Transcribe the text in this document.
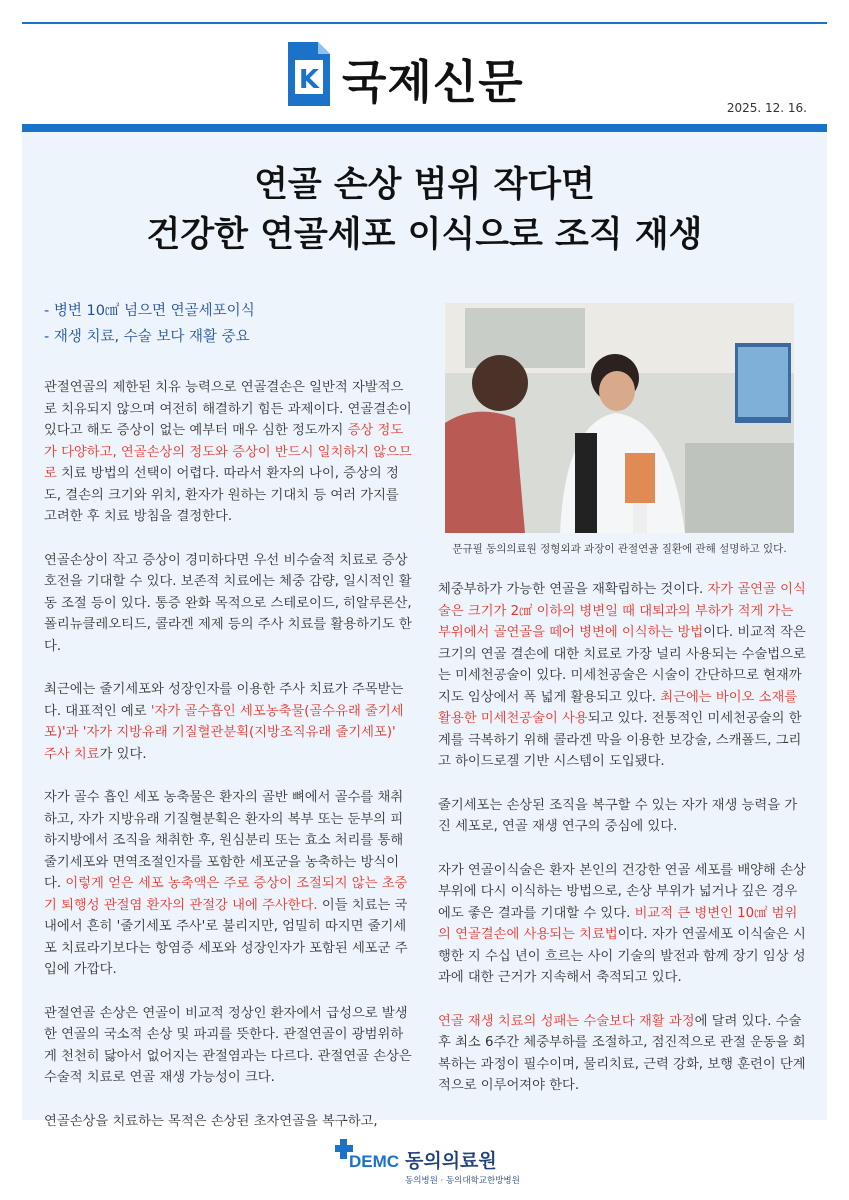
K 국제신문	2025. 12. 16.
연골 손상 범위 작다면
건강한 연골세포 이식으로 조직 재생
- 병변 10㎠ 넘으면 연골세포이식
- 재생 치료, 수술 보다 재활 중요
문규필 동의의료원 정형외과 과장이 관절연골 질환에 관해 설명하고 있다.

관절연골의 제한된 치유 능력으로 연골결손은 일반적 자발적으로 치유되지 않으며 여전히 해결하기 힘든 과제이다. 연골결손이 있다고 해도 증상이 없는 예부터 매우 심한 정도까지 증상 정도가 다양하고, 연골손상의 정도와 증상이 반드시 일치하지 않으므로 치료 방법의 선택이 어렵다. 따라서 환자의 나이, 증상의 정도, 결손의 크기와 위치, 환자가 원하는 기대치 등 여러 가지를 고려한 후 치료 방침을 결정한다.

연골손상이 작고 증상이 경미하다면 우선 비수술적 치료로 증상 호전을 기대할 수 있다. 보존적 치료에는 체중 감량, 일시적인 활동 조절 등이 있다. 통증 완화 목적으로 스테로이드, 히알루론산, 폴리뉴클레오티드, 콜라겐 제제 등의 주사 치료를 활용하기도 한다.

최근에는 줄기세포와 성장인자를 이용한 주사 치료가 주목받는다. 대표적인 예로 '자가 골수흡인 세포농축물(골수유래 줄기세포)'과 '자가 지방유래 기질혈관분획(지방조직유래 줄기세포)' 주사 치료가 있다.

자가 골수 흡인 세포 농축물은 환자의 골반 뼈에서 골수를 채취하고, 자가 지방유래 기질혈분획은 환자의 복부 또는 둔부의 피하지방에서 조직을 채취한 후, 원심분리 또는 효소 처리를 통해 줄기세포와 면역조절인자를 포함한 세포군을 농축하는 방식이다. 이렇게 얻은 세포 농축액은 주로 증상이 조절되지 않는 초중기 퇴행성 관절염 환자의 관절강 내에 주사한다. 이들 치료는 국내에서 흔히 '줄기세포 주사'로 불리지만, 엄밀히 따지면 줄기세포 치료라기보다는 항염증 세포와 성장인자가 포함된 세포군 주입에 가깝다.

관절연골 손상은 연골이 비교적 정상인 환자에서 급성으로 발생한 연골의 국소적 손상 및 파괴를 뜻한다. 관절연골이 광범위하게 천천히 닳아서 없어지는 관절염과는 다르다. 관절연골 손상은 수술적 치료로 연골 재생 가능성이 크다.

연골손상을 치료하는 목적은 손상된 초자연골을 복구하고,

체중부하가 가능한 연골을 재확립하는 것이다. 자가 골연골 이식술은 크기가 2㎠ 이하의 병변일 때 대퇴과의 부하가 적게 가는 부위에서 골연골을 떼어 병변에 이식하는 방법이다. 비교적 작은 크기의 연골 결손에 대한 치료로 가장 널리 사용되는 수술법으로는 미세천공술이 있다. 미세천공술은 시술이 간단하므로 현재까지도 임상에서 폭 넓게 활용되고 있다. 최근에는 바이오 소재를 활용한 미세천공술이 사용되고 있다. 전통적인 미세천공술의 한계를 극복하기 위해 콜라겐 막을 이용한 보강술, 스캐폴드, 그리고 하이드로겔 기반 시스템이 도입됐다.

줄기세포는 손상된 조직을 복구할 수 있는 자가 재생 능력을 가진 세포로, 연골 재생 연구의 중심에 있다.

자가 연골이식술은 환자 본인의 건강한 연골 세포를 배양해 손상 부위에 다시 이식하는 방법으로, 손상 부위가 넓거나 깊은 경우에도 좋은 결과를 기대할 수 있다. 비교적 큰 병변인 10㎠ 범위의 연골결손에 사용되는 치료법이다. 자가 연골세포 이식술은 시행한 지 수십 년이 흐르는 사이 기술의 발전과 함께 장기 임상 성과에 대한 근거가 지속해서 축적되고 있다.

연골 재생 치료의 성패는 수술보다 재활 과정에 달려 있다. 수술 후 최소 6주간 체중부하를 조절하고, 점진적으로 관절 운동을 회복하는 과정이 필수이며, 물리치료, 근력 강화, 보행 훈련이 단계적으로 이루어져야 한다.

DEMC 동의의료원
동의병원 · 동의대학교한방병원
